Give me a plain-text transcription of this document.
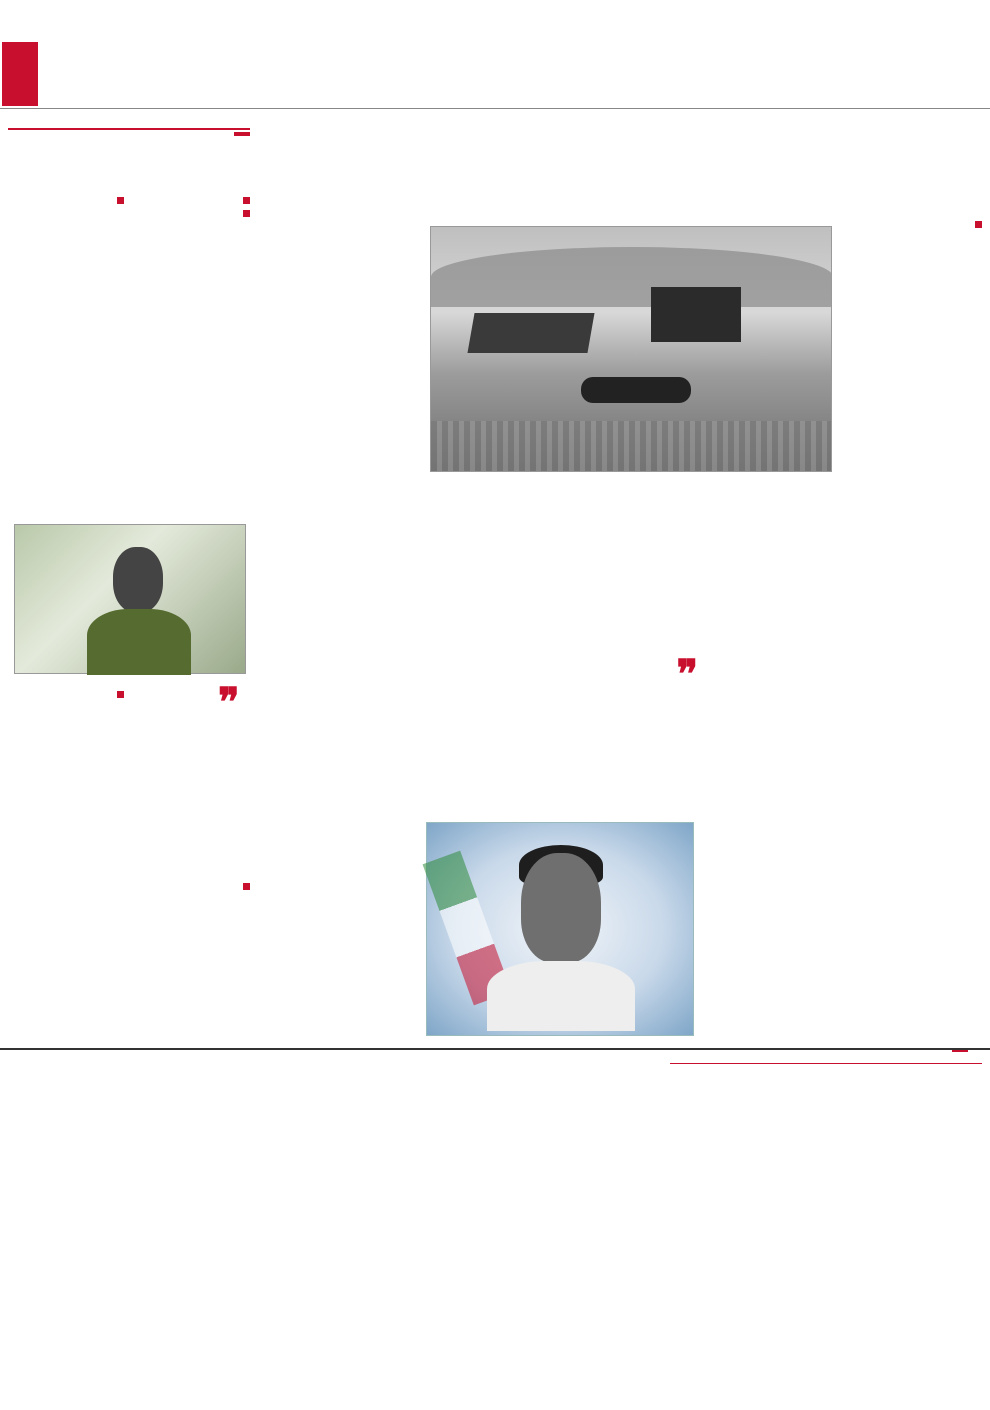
❞

❞
